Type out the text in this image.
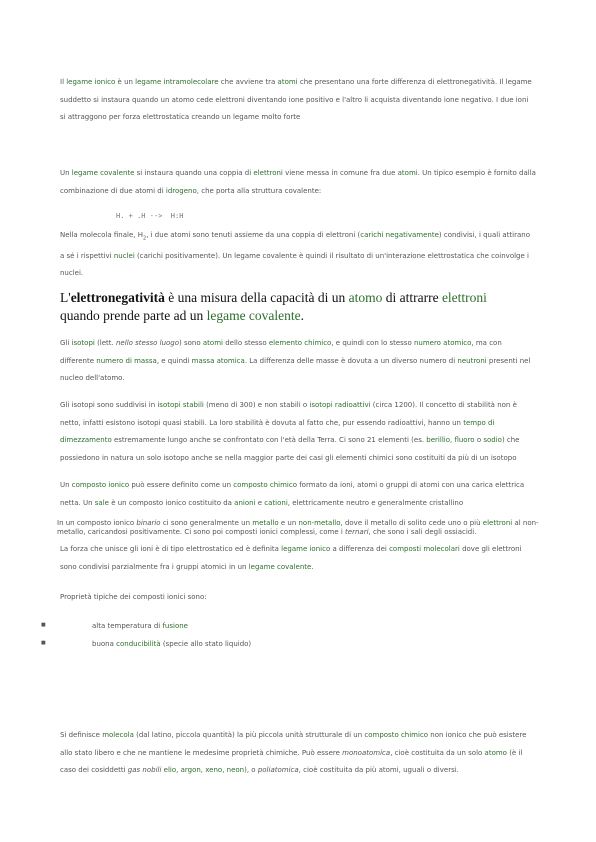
Il legame ionico è un legame intramolecolare che avviene tra atomi che presentano una forte differenza di elettronegatività. Il legame suddetto si instaura quando un atomo cede elettroni diventando ione positivo e l'altro li acquista diventando ione negativo. I due ioni si attraggono per forza elettrostatica creando un legame molto forte
Un legame covalente si instaura quando una coppia di elettroni viene messa in comune fra due atomi. Un tipico esempio è fornito dalla combinazione di due atomi di idrogeno, che porta alla struttura covalente:
H. + .H -->  H:H
Nella molecola finale, $H_2$, i due atomi sono tenuti assieme da una coppia di elettroni (carichi negativamente) condivisi, i quali attirano a sé i rispettivi nuclei (carichi positivamente). Un legame covalente è quindi il risultato di un'interazione elettrostatica che coinvolge i nuclei.
L'elettronegatività è una misura della capacità di un atomo di attrarre elettroni quando prende parte ad un legame covalente.
Gli isotopi (lett. nello stesso luogo) sono atomi dello stesso elemento chimico, e quindi con lo stesso numero atomico, ma con differente numero di massa, e quindi massa atomica. La differenza delle masse è dovuta a un diverso numero di neutroni presenti nel nucleo dell'atomo.
Gli isotopi sono suddivisi in isotopi stabili (meno di 300) e non stabili o isotopi radioattivi (circa 1200). Il concetto di stabilità non è netto, infatti esistono isotopi quasi stabili. La loro stabilità è dovuta al fatto che, pur essendo radioattivi, hanno un tempo di dimezzamento estremamente lungo anche se confrontato con l'età della Terra. Ci sono 21 elementi (es. berillio, fluoro o sodio) che possiedono in natura un solo isotopo anche se nella maggior parte dei casi gli elementi chimici sono costituiti da più di un isotopo
Un composto ionico può essere definito come un composto chimico formato da ioni, atomi o gruppi di atomi con una carica elettrica netta. Un sale è un composto ionico costituito da anioni e cationi, elettricamente neutro e generalmente cristallino
In un composto ionico binario ci sono generalmente un metallo e un non-metallo, dove il metallo di solito cede uno o più elettroni al non-metallo, caricandosi positivamente. Ci sono poi composti ionici complessi, come i ternari, che sono i sali degli ossiacidi.
La forza che unisce gli ioni è di tipo elettrostatico ed è definita legame ionico a differenza dei composti molecolari dove gli elettroni sono condivisi parzialmente fra i gruppi atomici in un legame covalente.
Proprietà tipiche dei composti ionici sono:
■	alta temperatura di fusione
■	buona conducibilità (specie allo stato liquido)
Si definisce molecola (dal latino, piccola quantità) la più piccola unità strutturale di un composto chimico non ionico che può esistere allo stato libero e che ne mantiene le medesime proprietà chimiche. Può essere monoatomica, cioè costituita da un solo atomo (è il caso dei cosiddetti gas nobili elio, argon, xeno, neon), o poliatomica, cioè costituita da più atomi, uguali o diversi.
